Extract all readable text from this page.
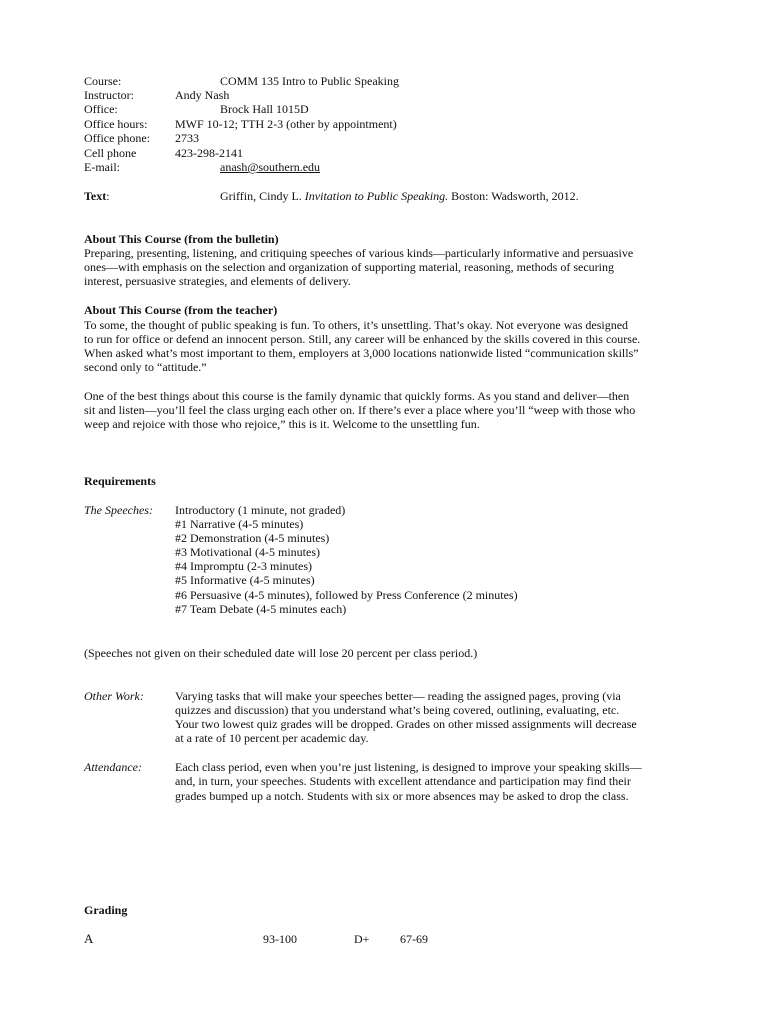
Course:	COMM 135 Intro to Public Speaking
Instructor:	Andy Nash
Office:	Brock Hall 1015D
Office hours: MWF 10-12; TTH 2-3 (other by appointment)
Office phone: 2733
Cell phone	423-298-2141
E-mail:	anash@southern.edu
Text:	Griffin, Cindy L. Invitation to Public Speaking. Boston: Wadsworth, 2012.
About This Course (from the bulletin)
Preparing, presenting, listening, and critiquing speeches of various kinds—particularly informative and persuasive
ones—with emphasis on the selection and organization of supporting material, reasoning, methods of securing
interest, persuasive strategies, and elements of delivery.
About This Course (from the teacher)
To some, the thought of public speaking is fun. To others, it’s unsettling. That’s okay. Not everyone was designed
to run for office or defend an innocent person. Still, any career will be enhanced by the skills covered in this course.
When asked what’s most important to them, employers at 3,000 locations nationwide listed “communication skills”
second only to “attitude.”
One of the best things about this course is the family dynamic that quickly forms. As you stand and deliver—then
sit and listen—you’ll feel the class urging each other on. If there’s ever a place where you’ll “weep with those who
weep and rejoice with those who rejoice,” this is it. Welcome to the unsettling fun.
Requirements
The Speeches: Introductory (1 minute, not graded)
#1 Narrative (4-5 minutes)
#2 Demonstration (4-5 minutes)
#3 Motivational (4-5 minutes)
#4 Impromptu (2-3 minutes)
#5 Informative (4-5 minutes)
#6 Persuasive (4-5 minutes), followed by Press Conference (2 minutes)
#7 Team Debate (4-5 minutes each)
(Speeches not given on their scheduled date will lose 20 percent per class period.)
Other Work:	Varying tasks that will make your speeches better— reading the assigned pages, proving (via
quizzes and discussion) that you understand what’s being covered, outlining, evaluating, etc.
Your two lowest quiz grades will be dropped. Grades on other missed assignments will decrease
at a rate of 10 percent per academic day.
Attendance:	Each class period, even when you’re just listening, is designed to improve your speaking skills—
and, in turn, your speeches. Students with excellent attendance and participation may find their
grades bumped up a notch. Students with six or more absences may be asked to drop the class.
Grading
A	93-100	D+	67-69
